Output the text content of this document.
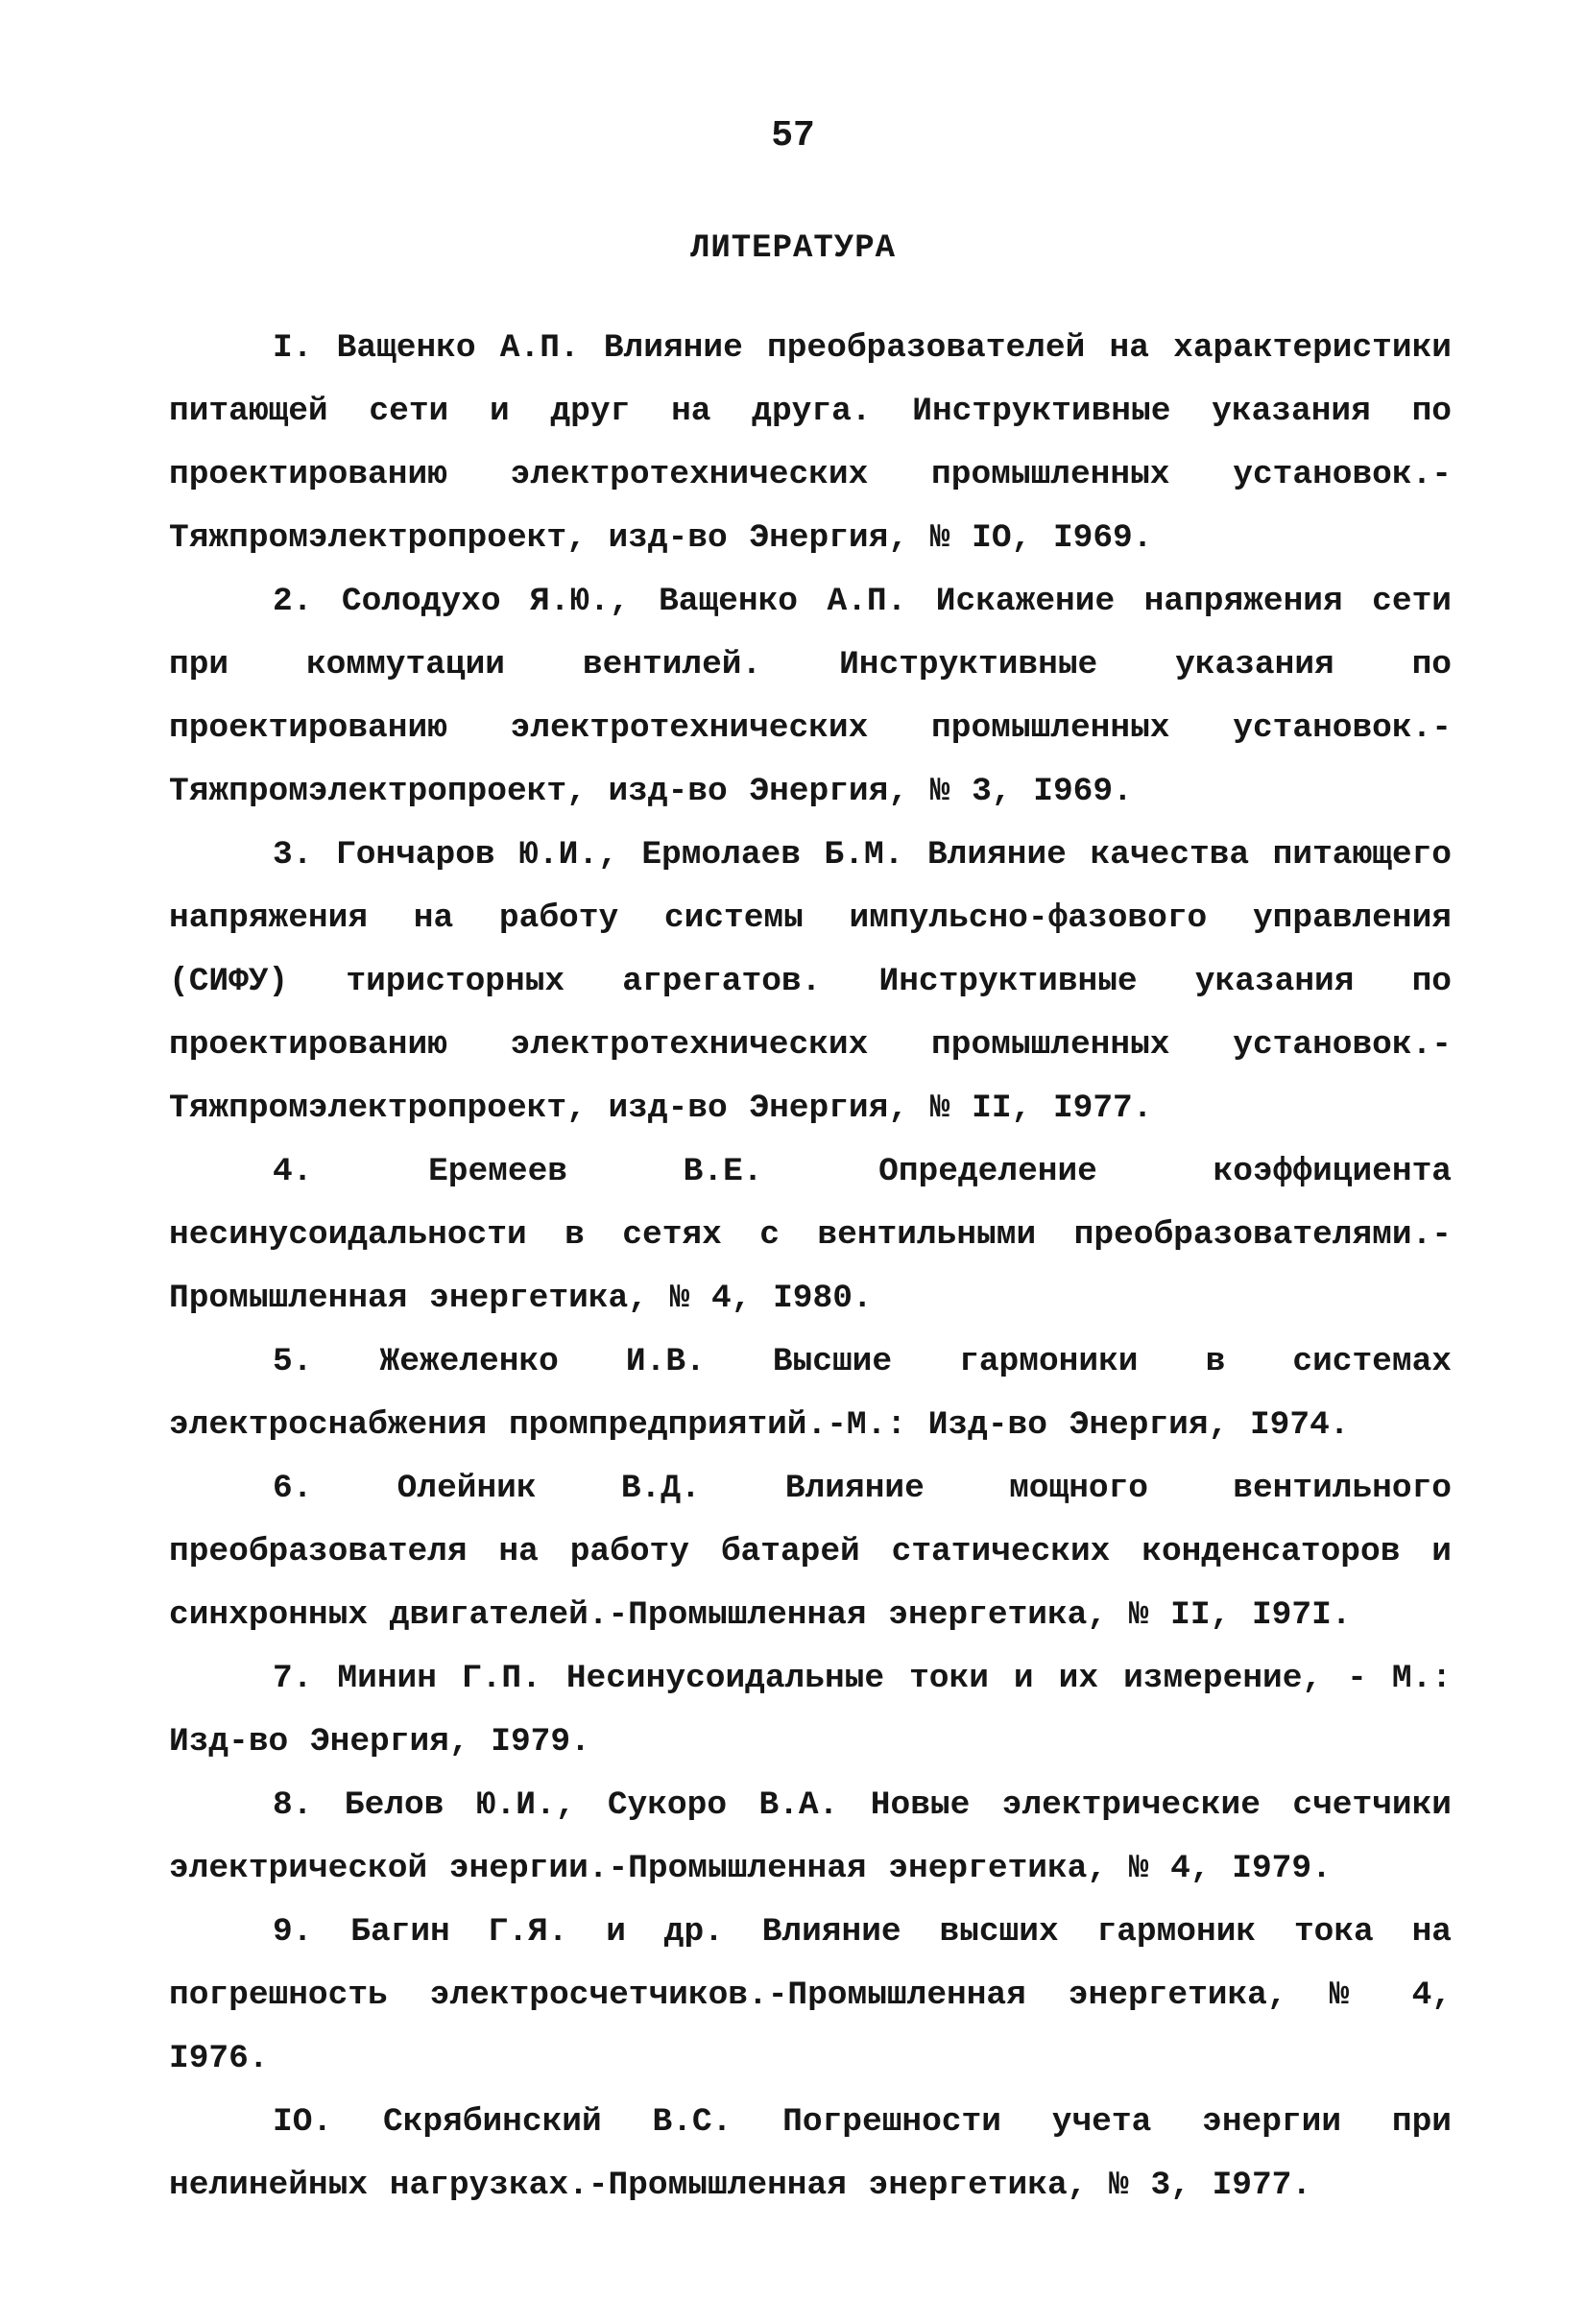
57
ЛИТЕРАТУРА

I. Ващенко А.П. Влияние преобразователей на характеристики питающей сети и друг на друга. Инструктивные указания по проектированию электротехнических промышленных установок.-Тяжпромэлектропроект, изд-во Энергия, № IO, I969.

2. Солодухо Я.Ю., Ващенко А.П. Искажение напряжения сети при коммутации вентилей. Инструктивные указания по проектированию электротехнических промышленных установок.-Тяжпромэлектропроект, изд-во Энергия, № 3, I969.

3. Гончаров Ю.И., Ермолаев Б.М. Влияние качества питающего напряжения на работу системы импульсно-фазового управления (СИФУ) тиристорных агрегатов. Инструктивные указания по проектированию электротехнических промышленных установок.-Тяжпромэлектропроект, изд-во Энергия, № II, I977.

4. Еремеев В.Е. Определение коэффициента несинусоидальности в сетях с вентильными преобразователями.-Промышленная энергетика, № 4, I980.

5. Жежеленко И.В. Высшие гармоники в системах электроснабжения промпредприятий.-М.: Изд-во Энергия, I974.

6. Олейник В.Д. Влияние мощного вентильного преобразователя на работу батарей статических конденсаторов и синхронных двигателей.-Промышленная энергетика, № II, I97I.

7. Минин Г.П. Несинусоидальные токи и их измерение, - М.: Изд-во Энергия, I979.

8. Белов Ю.И., Сукоро В.А. Новые электрические счетчики электрической энергии.-Промышленная энергетика, № 4, I979.

9. Багин Г.Я. и др. Влияние высших гармоник тока на погрешность электросчетчиков.-Промышленная энергетика, № 4, I976.

IO. Скрябинский В.С. Погрешности учета энергии при нелинейных нагрузках.-Промышленная энергетика, № 3, I977.
